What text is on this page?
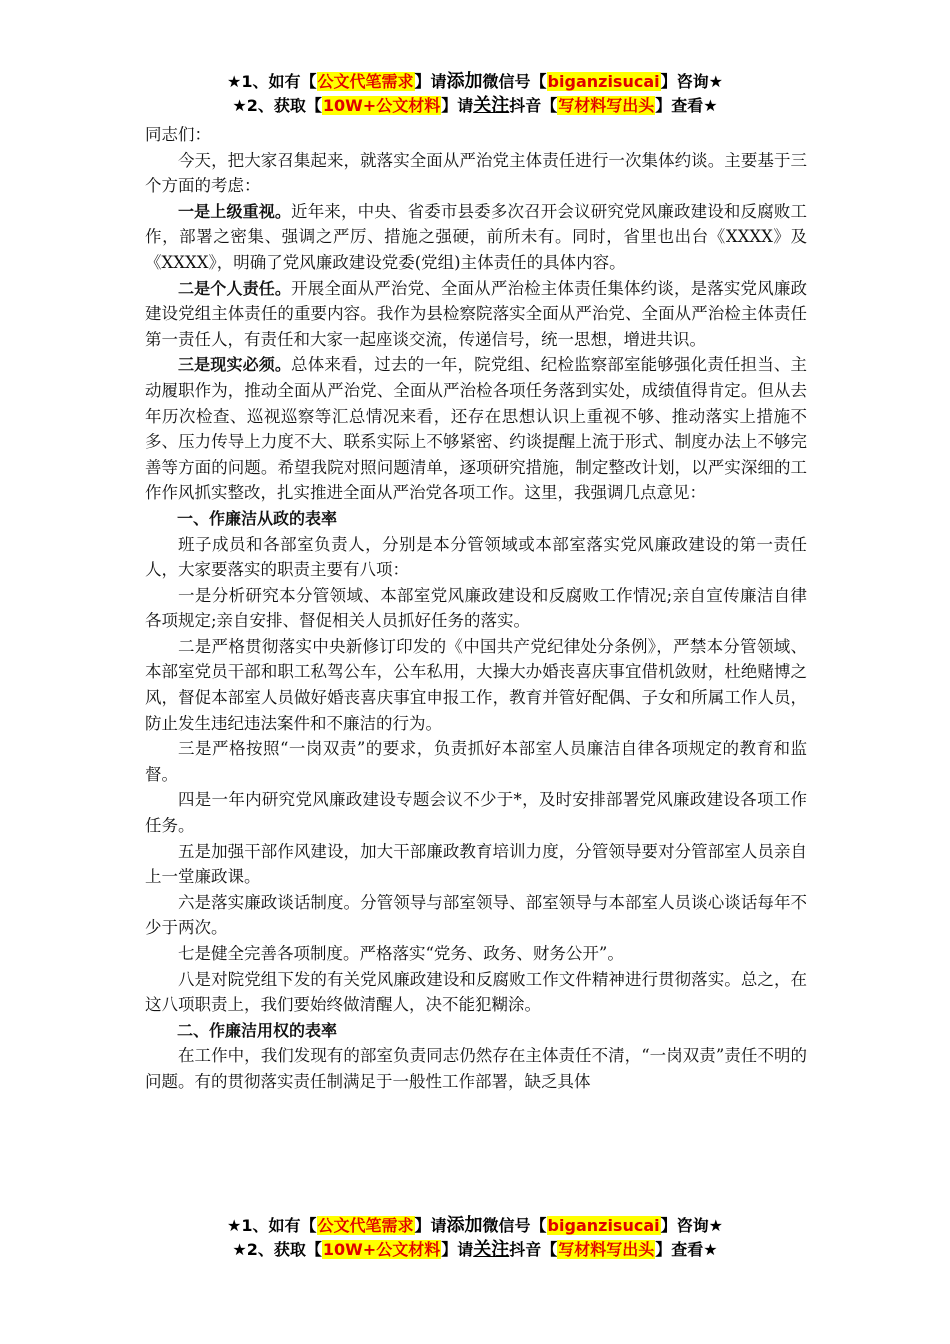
★1、如有【公文代笔需求】请添加微信号【biganzisucai】咨询★
★2、获取【10W+公文材料】请关注抖音【写材料写出头】查看★

同志们：

今天，把大家召集起来，就落实全面从严治党主体责任进行一次集体约谈。主要基于三个方面的考虑：

一是上级重视。近年来，中央、省委市县委多次召开会议研究党风廉政建设和反腐败工作，部署之密集、强调之严厉、措施之强硬，前所未有。同时，省里也出台《XXXX》及《XXXX》，明确了党风廉政建设党委(党组)主体责任的具体内容。

二是个人责任。开展全面从严治党、全面从严治检主体责任集体约谈，是落实党风廉政建设党组主体责任的重要内容。我作为县检察院落实全面从严治党、全面从严治检主体责任第一责任人，有责任和大家一起座谈交流，传递信号，统一思想，增进共识。

三是现实必须。总体来看，过去的一年，院党组、纪检监察部室能够强化责任担当、主动履职作为，推动全面从严治党、全面从严治检各项任务落到实处，成绩值得肯定。但从去年历次检查、巡视巡察等汇总情况来看，还存在思想认识上重视不够、推动落实上措施不多、压力传导上力度不大、联系实际上不够紧密、约谈提醒上流于形式、制度办法上不够完善等方面的问题。希望我院对照问题清单，逐项研究措施，制定整改计划，以严实深细的工作作风抓实整改，扎实推进全面从严治党各项工作。这里，我强调几点意见：

一、作廉洁从政的表率

班子成员和各部室负责人，分别是本分管领域或本部室落实党风廉政建设的第一责任人，大家要落实的职责主要有八项：

一是分析研究本分管领域、本部室党风廉政建设和反腐败工作情况;亲自宣传廉洁自律各项规定;亲自安排、督促相关人员抓好任务的落实。

二是严格贯彻落实中央新修订印发的《中国共产党纪律处分条例》，严禁本分管领域、本部室党员干部和职工私驾公车，公车私用，大操大办婚丧喜庆事宜借机敛财，杜绝赌博之风，督促本部室人员做好婚丧喜庆事宜申报工作，教育并管好配偶、子女和所属工作人员，防止发生违纪违法案件和不廉洁的行为。

三是严格按照“一岗双责”的要求，负责抓好本部室人员廉洁自律各项规定的教育和监督。

四是一年内研究党风廉政建设专题会议不少于*，及时安排部署党风廉政建设各项工作任务。

五是加强干部作风建设，加大干部廉政教育培训力度，分管领导要对分管部室人员亲自上一堂廉政课。

六是落实廉政谈话制度。分管领导与部室领导、部室领导与本部室人员谈心谈话每年不少于两次。

七是健全完善各项制度。严格落实“党务、政务、财务公开”。

八是对院党组下发的有关党风廉政建设和反腐败工作文件精神进行贯彻落实。总之，在这八项职责上，我们要始终做清醒人，决不能犯糊涂。

二、作廉洁用权的表率

在工作中，我们发现有的部室负责同志仍然存在主体责任不清，“一岗双责”责任不明的问题。有的贯彻落实责任制满足于一般性工作部署，缺乏具体

★1、如有【公文代笔需求】请添加微信号【biganzisucai】咨询★
★2、获取【10W+公文材料】请关注抖音【写材料写出头】查看★
